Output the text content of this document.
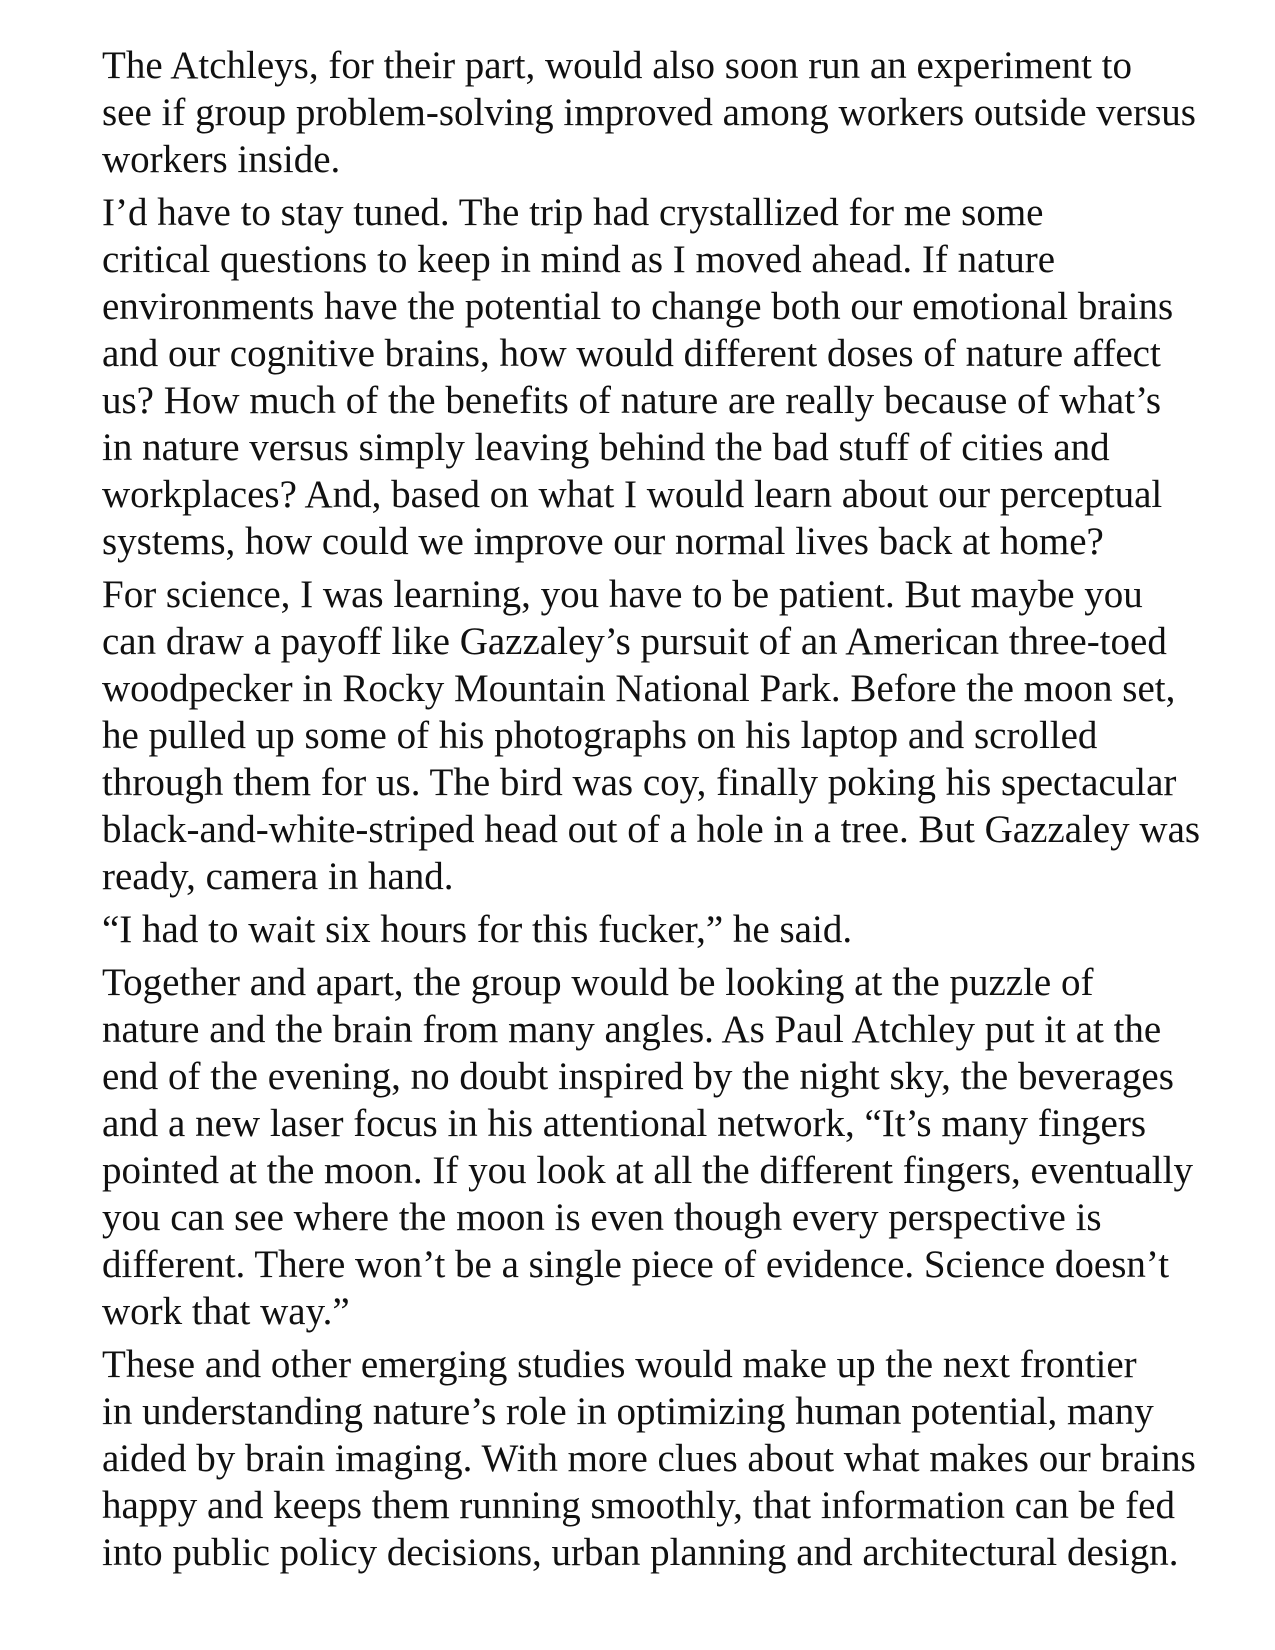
The Atchleys, for their part, would also soon run an experiment to
see if group problem-solving improved among workers outside versus
workers inside.

I’d have to stay tuned. The trip had crystallized for me some
critical questions to keep in mind as I moved ahead. If nature
environments have the potential to change both our emotional brains
and our cognitive brains, how would different doses of nature affect
us? How much of the benefits of nature are really because of what’s
in nature versus simply leaving behind the bad stuff of cities and
workplaces? And, based on what I would learn about our perceptual
systems, how could we improve our normal lives back at home?

For science, I was learning, you have to be patient. But maybe you
can draw a payoff like Gazzaley’s pursuit of an American three-toed
woodpecker in Rocky Mountain National Park. Before the moon set,
he pulled up some of his photographs on his laptop and scrolled
through them for us. The bird was coy, finally poking his spectacular
black-and-white-striped head out of a hole in a tree. But Gazzaley was
ready, camera in hand.

“I had to wait six hours for this fucker,” he said.

Together and apart, the group would be looking at the puzzle of
nature and the brain from many angles. As Paul Atchley put it at the
end of the evening, no doubt inspired by the night sky, the beverages
and a new laser focus in his attentional network, “It’s many fingers
pointed at the moon. If you look at all the different fingers, eventually
you can see where the moon is even though every perspective is
different. There won’t be a single piece of evidence. Science doesn’t
work that way.”

These and other emerging studies would make up the next frontier
in understanding nature’s role in optimizing human potential, many
aided by brain imaging. With more clues about what makes our brains
happy and keeps them running smoothly, that information can be fed
into public policy decisions, urban planning and architectural design.
